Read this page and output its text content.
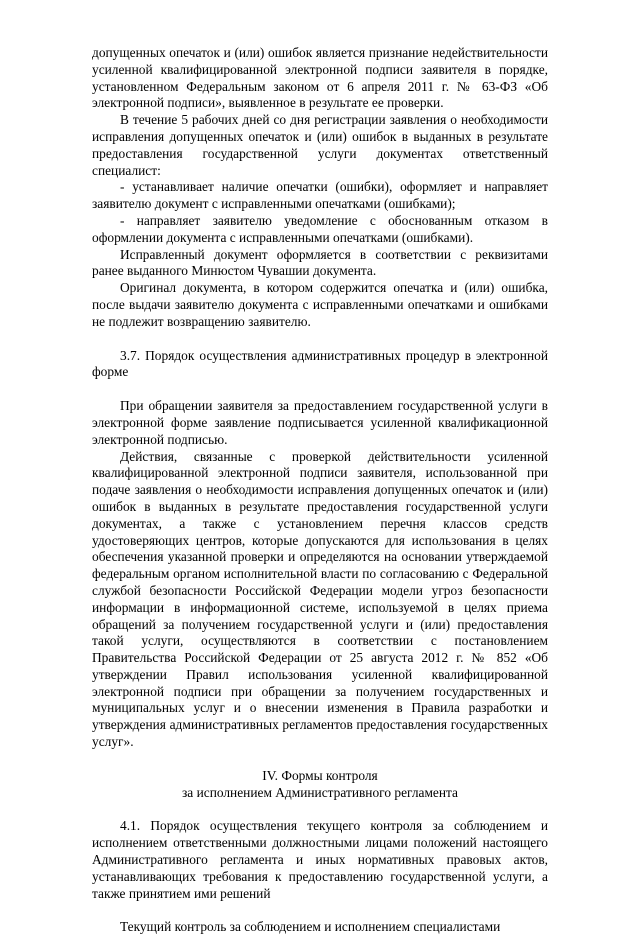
допущенных опечаток и (или) ошибок является признание недействительности усиленной квалифицированной электронной подписи заявителя в порядке, установленном Федеральным законом от 6 апреля 2011 г. № 63-ФЗ «Об электронной подписи», выявленное в результате ее проверки.

В течение 5 рабочих дней со дня регистрации заявления о необходимости исправления допущенных опечаток и (или) ошибок в выданных в результате предоставления государственной услуги документах ответственный специалист:

- устанавливает наличие опечатки (ошибки), оформляет и направляет заявителю документ с исправленными опечатками (ошибками);

- направляет заявителю уведомление с обоснованным отказом в оформлении документа с исправленными опечатками (ошибками).

Исправленный документ оформляется в соответствии с реквизитами ранее выданного Минюстом Чувашии документа.

Оригинал документа, в котором содержится опечатка и (или) ошибка, после выдачи заявителю документа с исправленными опечатками и ошибками не подлежит возвращению заявителю.

3.7. Порядок осуществления административных процедур в электронной форме

При обращении заявителя за предоставлением государственной услуги в электронной форме заявление подписывается усиленной квалификационной электронной подписью.

Действия, связанные с проверкой действительности усиленной квалифицированной электронной подписи заявителя, использованной при подаче заявления о необходимости исправления допущенных опечаток и (или) ошибок в выданных в результате предоставления государственной услуги документах, а также с установлением перечня классов средств удостоверяющих центров, которые допускаются для использования в целях обеспечения указанной проверки и определяются на основании утверждаемой федеральным органом исполнительной власти по согласованию с Федеральной службой безопасности Российской Федерации модели угроз безопасности информации в информационной системе, используемой в целях приема обращений за получением государственной услуги и (или) предоставления такой услуги, осуществляются в соответствии с постановлением Правительства Российской Федерации от 25 августа 2012 г. № 852 «Об утверждении Правил использования усиленной квалифицированной электронной подписи при обращении за получением государственных и муниципальных услуг и о внесении изменения в Правила разработки и утверждения административных регламентов предоставления государственных услуг».

IV. Формы контроля

за исполнением Административного регламента

4.1. Порядок осуществления текущего контроля за соблюдением и исполнением ответственными должностными лицами положений настоящего Административного регламента и иных нормативных правовых актов, устанавливающих требования к предоставлению государственной услуги, а также принятием ими решений

Текущий контроль за соблюдением и исполнением специалистами
